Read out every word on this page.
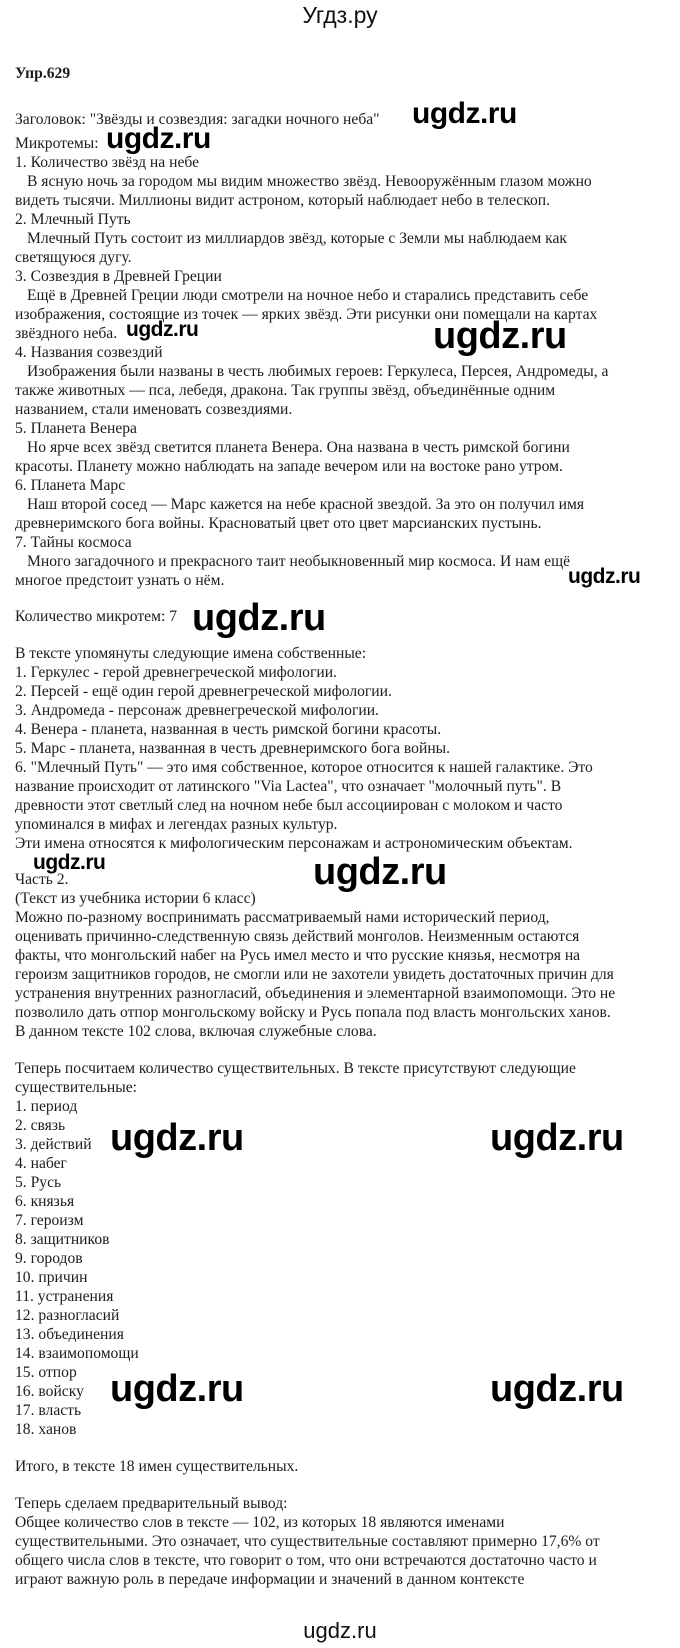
Угдз.ру
Упр.629
Заголовок: "Звёзды и созвездия: загадки ночного неба"
Микротемы:
1. Количество звёзд на небе
В ясную ночь за городом мы видим множество звёзд. Невооружённым глазом можно
видеть тысячи. Миллионы видит астроном, который наблюдает небо в телескоп.
2. Млечный Путь
Млечный Путь состоит из миллиардов звёзд, которые с Земли мы наблюдаем как
светящуюся дугу.
3. Созвездия в Древней Греции
Ещё в Древней Греции люди смотрели на ночное небо и старались представить себе
изображения, состоящие из точек — ярких звёзд. Эти рисунки они помещали на картах
звёздного неба.
4. Названия созвездий
Изображения были названы в честь любимых героев: Геркулеса, Персея, Андромеды, а
также животных — пса, лебедя, дракона. Так группы звёзд, объединённые одним
названием, стали именовать созвездиями.
5. Планета Венера
Но ярче всех звёзд светится планета Венера. Она названа в честь римской богини
красоты. Планету можно наблюдать на западе вечером или на востоке рано утром.
6. Планета Марс
Наш второй сосед — Марс кажется на небе красной звездой. За это он получил имя
древнеримского бога войны. Красноватый цвет ото цвет марсианских пустынь.
7. Тайны космоса
Много загадочного и прекрасного таит необыкновенный мир космоса. И нам ещё
многое предстоит узнать о нём.
Количество микротем: 7
В тексте упомянуты следующие имена собственные:
1. Геркулес - герой древнегреческой мифологии.
2. Персей - ещё один герой древнегреческой мифологии.
3. Андромеда - персонаж древнегреческой мифологии.
4. Венера - планета, названная в честь римской богини красоты.
5. Марс - планета, названная в честь древнеримского бога войны.
6. "Млечный Путь" — это имя собственное, которое относится к нашей галактике. Это
название происходит от латинского "Via Lactea", что означает "молочный путь". В
древности этот светлый след на ночном небе был ассоциирован с молоком и часто
упоминался в мифах и легендах разных культур.
Эти имена относятся к мифологическим персонажам и астрономическим объектам.
Часть 2.
(Текст из учебника истории 6 класс)
Можно по-разному воспринимать рассматриваемый нами исторический период,
оценивать причинно-следственную связь действий монголов. Неизменным остаются
факты, что монгольский набег на Русь имел место и что русские князья, несмотря на
героизм защитников городов, не смогли или не захотели увидеть достаточных причин для
устранения внутренних разногласий, объединения и элементарной взаимопомощи. Это не
позволило дать отпор монгольскому войску и Русь попала под власть монгольских ханов.
В данном тексте 102 слова, включая служебные слова.
Теперь посчитаем количество существительных. В тексте присутствуют следующие
существительные:
1. период
2. связь
3. действий
4. набег
5. Русь
6. князья
7. героизм
8. защитников
9. городов
10. причин
11. устранения
12. разногласий
13. объединения
14. взаимопомощи
15. отпор
16. войску
17. власть
18. ханов
Итого, в тексте 18 имен существительных.
Теперь сделаем предварительный вывод:
Общее количество слов в тексте — 102, из которых 18 являются именами
существительными. Это означает, что существительные составляют примерно 17,6% от
общего числа слов в тексте, что говорит о том, что они встречаются достаточно часто и
играют важную роль в передаче информации и значений в данном контексте
ugdz.ru
ugdz.ru
ugdz.ru	ugdz.ru
ugdz.ru
ugdz.ru
ugdz.ru	ugdz.ru
ugdz.ru	ugdz.ru
ugdz.ru	ugdz.ru
ugdz.ru
